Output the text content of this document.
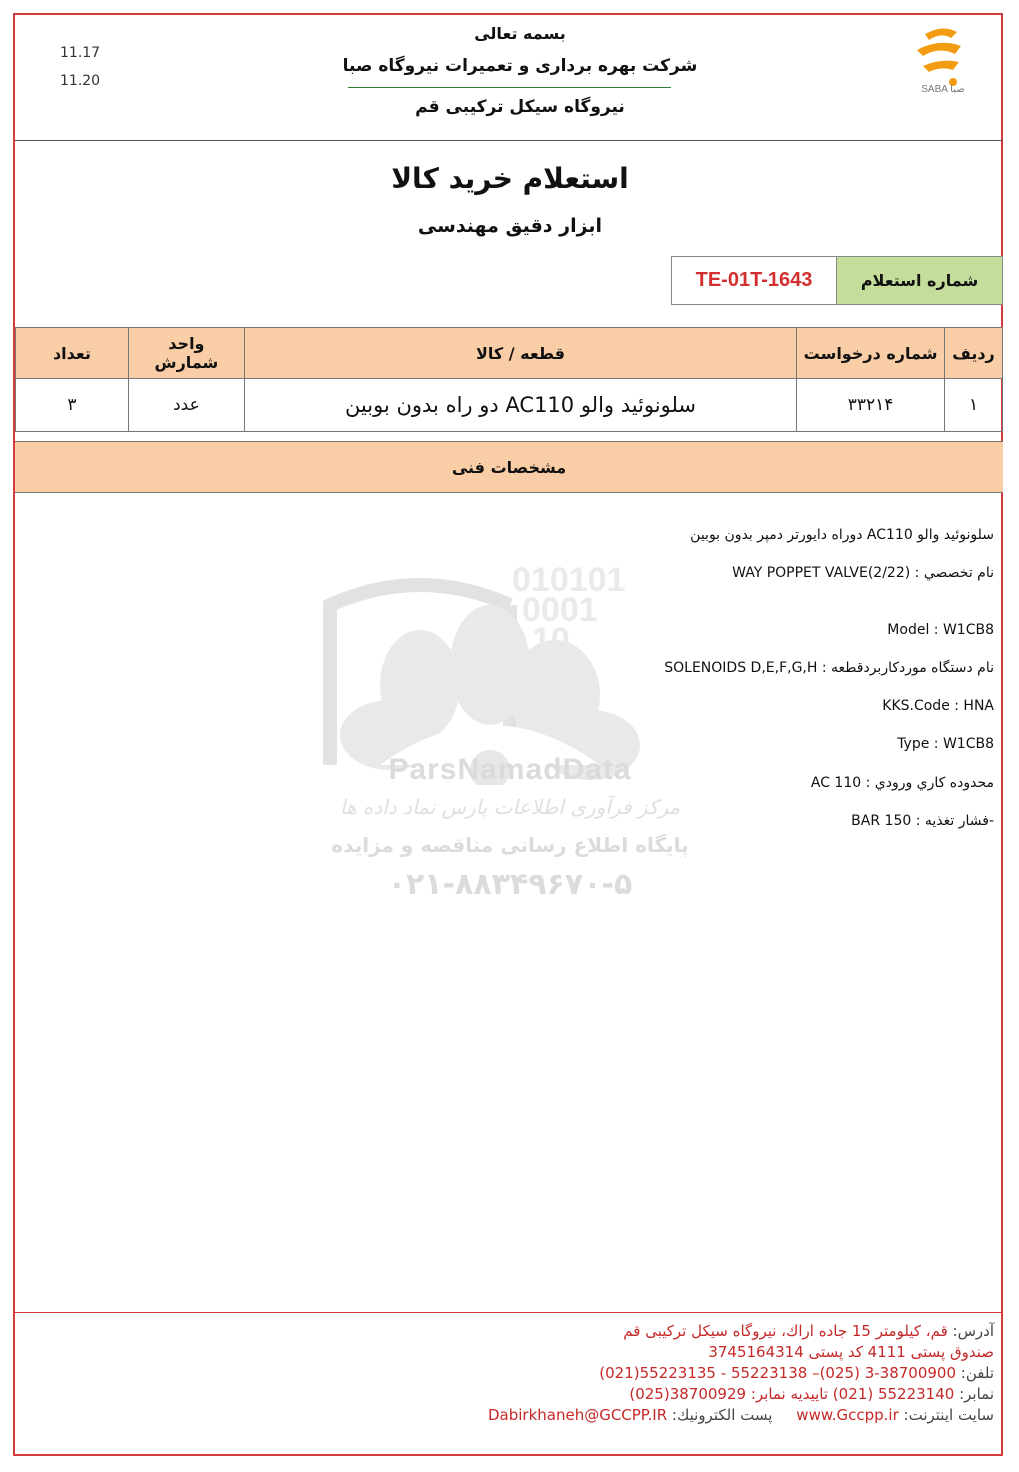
11.17
11.20
بسمه تعالی
شرکت بهره برداری و تعمیرات نیروگاه صبا
نیروگاه سیکل ترکیبی قم
SABA صبا
استعلام خرید کالا
ابزار دقیق مهندسی
شماره استعلام
TE-01T-1643
ردیف	شماره درخواست	قطعه / کالا	واحد شمارش	تعداد
۱	۳۳۲۱۴	سلونوئید والو AC110 دو راه بدون بوبین	عدد	۳
مشخصات فنی
010101
0001
10
0
ParsNamadData
مرکز فرآوری اطلاعات پارس نماد داده ها
پایگاه اطلاع رسانی مناقصه و مزایده
۰۲۱-۸۸۳۴۹۶۷۰-۵
سلونوئيد والو AC110 دوراه دايورتر دمپر بدون بوبين
نام تخصصي : WAY POPPET VALVE(2/22)
Model : W1CB8
نام دستگاه موردكاربردقطعه : SOLENOIDS D,E,F,G,H
KKS.Code : HNA
Type : W1CB8
محدوده كاري ورودي : AC 110
-فشار تغذيه : BAR 150
آدرس: قم، کیلومتر 15 جاده اراك، نیروگاه سیکل ترکیبی قم
صندوق پستی 4111 کد پستی 3745164314
تلفن: 38700900-3 (025)– 55223138 - 55223135(021)
نمابر: 55223140 (021) تاییدیه نمابر: 38700929(025)
سایت اینترنت: www.Gccpp.ir     پست الکترونیك: Dabirkhaneh@GCCPP.IR
